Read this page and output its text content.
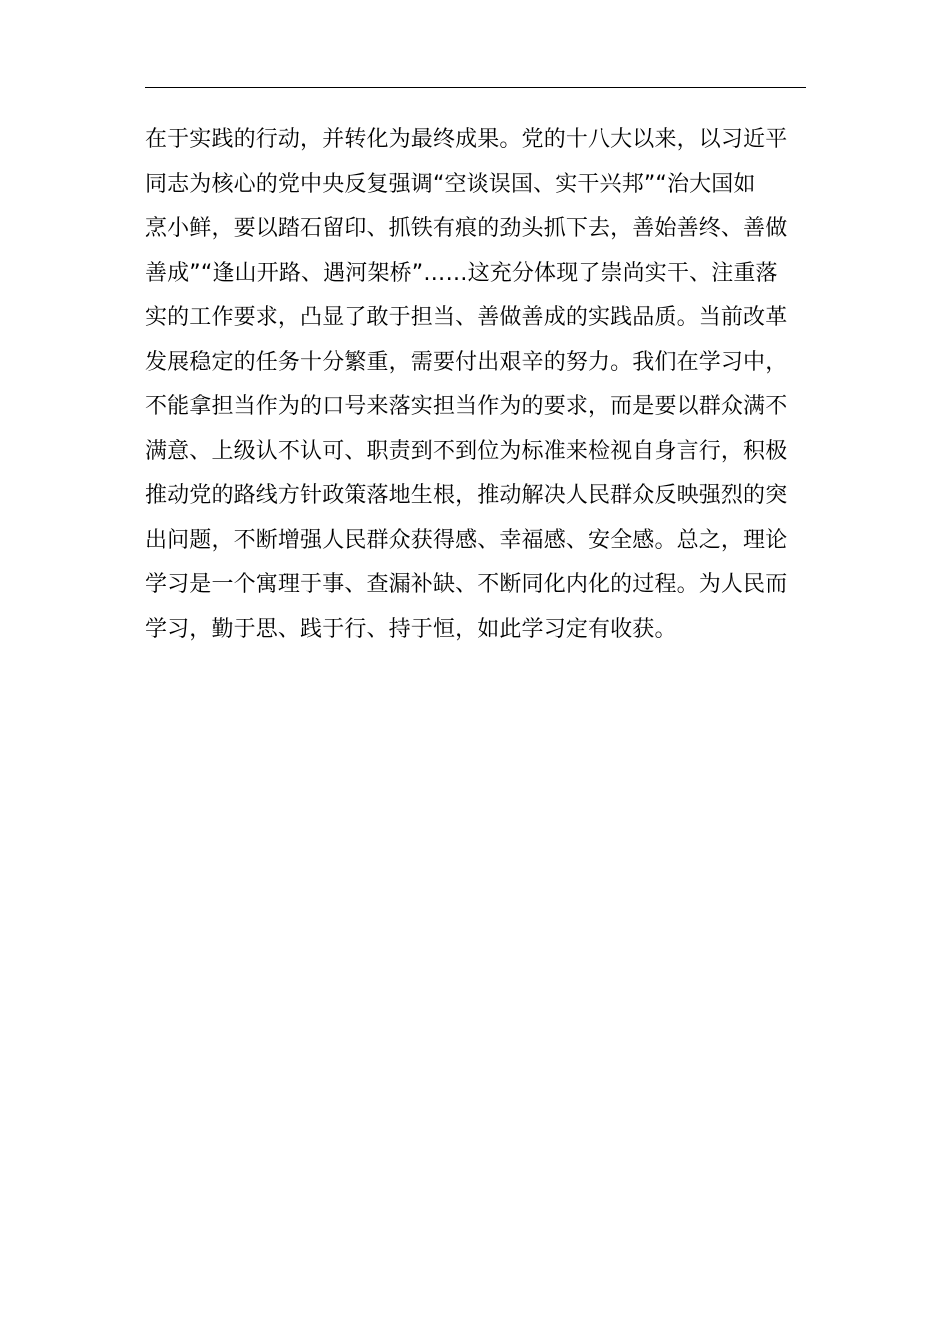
在于实践的行动，并转化为最终成果。党的十八大以来，以习近平
同志为核心的党中央反复强调“空谈误国、实干兴邦”“治大国如
烹小鲜，要以踏石留印、抓铁有痕的劲头抓下去，善始善终、善做
善成”“逢山开路、遇河架桥”……这充分体现了崇尚实干、注重落
实的工作要求，凸显了敢于担当、善做善成的实践品质。当前改革
发展稳定的任务十分繁重，需要付出艰辛的努力。我们在学习中，
不能拿担当作为的口号来落实担当作为的要求，而是要以群众满不
满意、上级认不认可、职责到不到位为标准来检视自身言行，积极
推动党的路线方针政策落地生根，推动解决人民群众反映强烈的突
出问题，不断增强人民群众获得感、幸福感、安全感。总之，理论
学习是一个寓理于事、查漏补缺、不断同化内化的过程。为人民而
学习，勤于思、践于行、持于恒，如此学习定有收获。
